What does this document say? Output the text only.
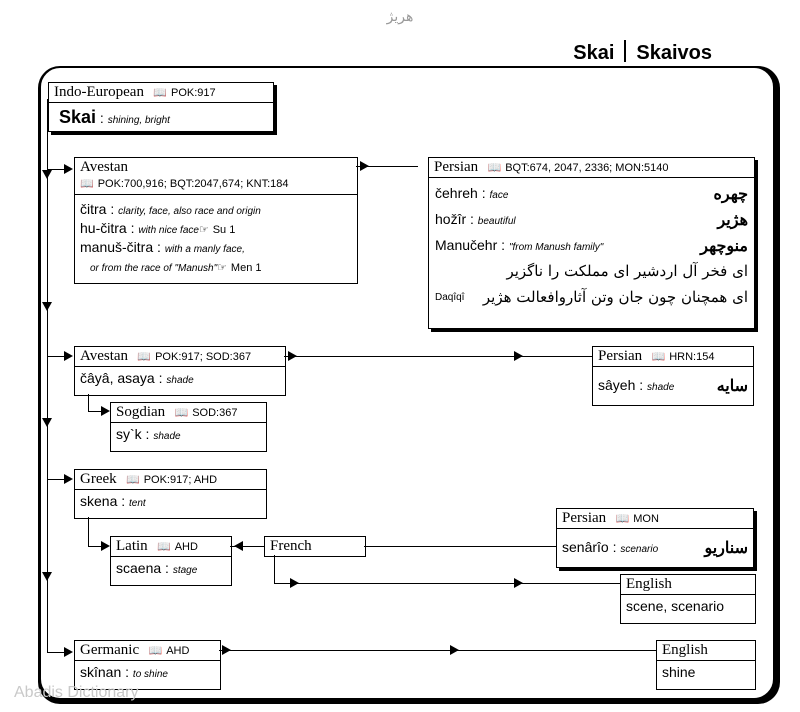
هریژ
Skai Skaivos
Indo-European 📖 POK:917
Skai : shining, bright
Avestan
📖 POK:700,916; BQT:2047,674; KNT:184
čitra : clarity, face, also race and origin
hu-čitra : with nice face☞ Su 1
manuš-čitra : with a manly face,
or from the race of "Manush"☞ Men 1
Persian 📖 BQT:674, 2047, 2336; MON:5140
čehreh : face	چهره
hožîr : beautiful	هژیر
Manučehr : "from Manush family"	منوچهر
ای فخر آل اردشیر ای مملکت را ناگزیر
Daqîqî ای همچنان چون جان وتن آثاروافعالت هژیر
Avestan 📖 POK:917; SOD:367
čâyâ, asaya : shade
Persian 📖 HRN:154
sâyeh : shade	سایه
Sogdian 📖 SOD:367
sy`k : shade
Greek 📖 POK:917; AHD
skena : tent
Latin 📖 AHD
scaena : stage
French
Persian 📖 MON
senârîo : scenario	سناریو
English
scene, scenario
Germanic 📖 AHD
skînan : to shine
English
shine
Abadis Dictionary
